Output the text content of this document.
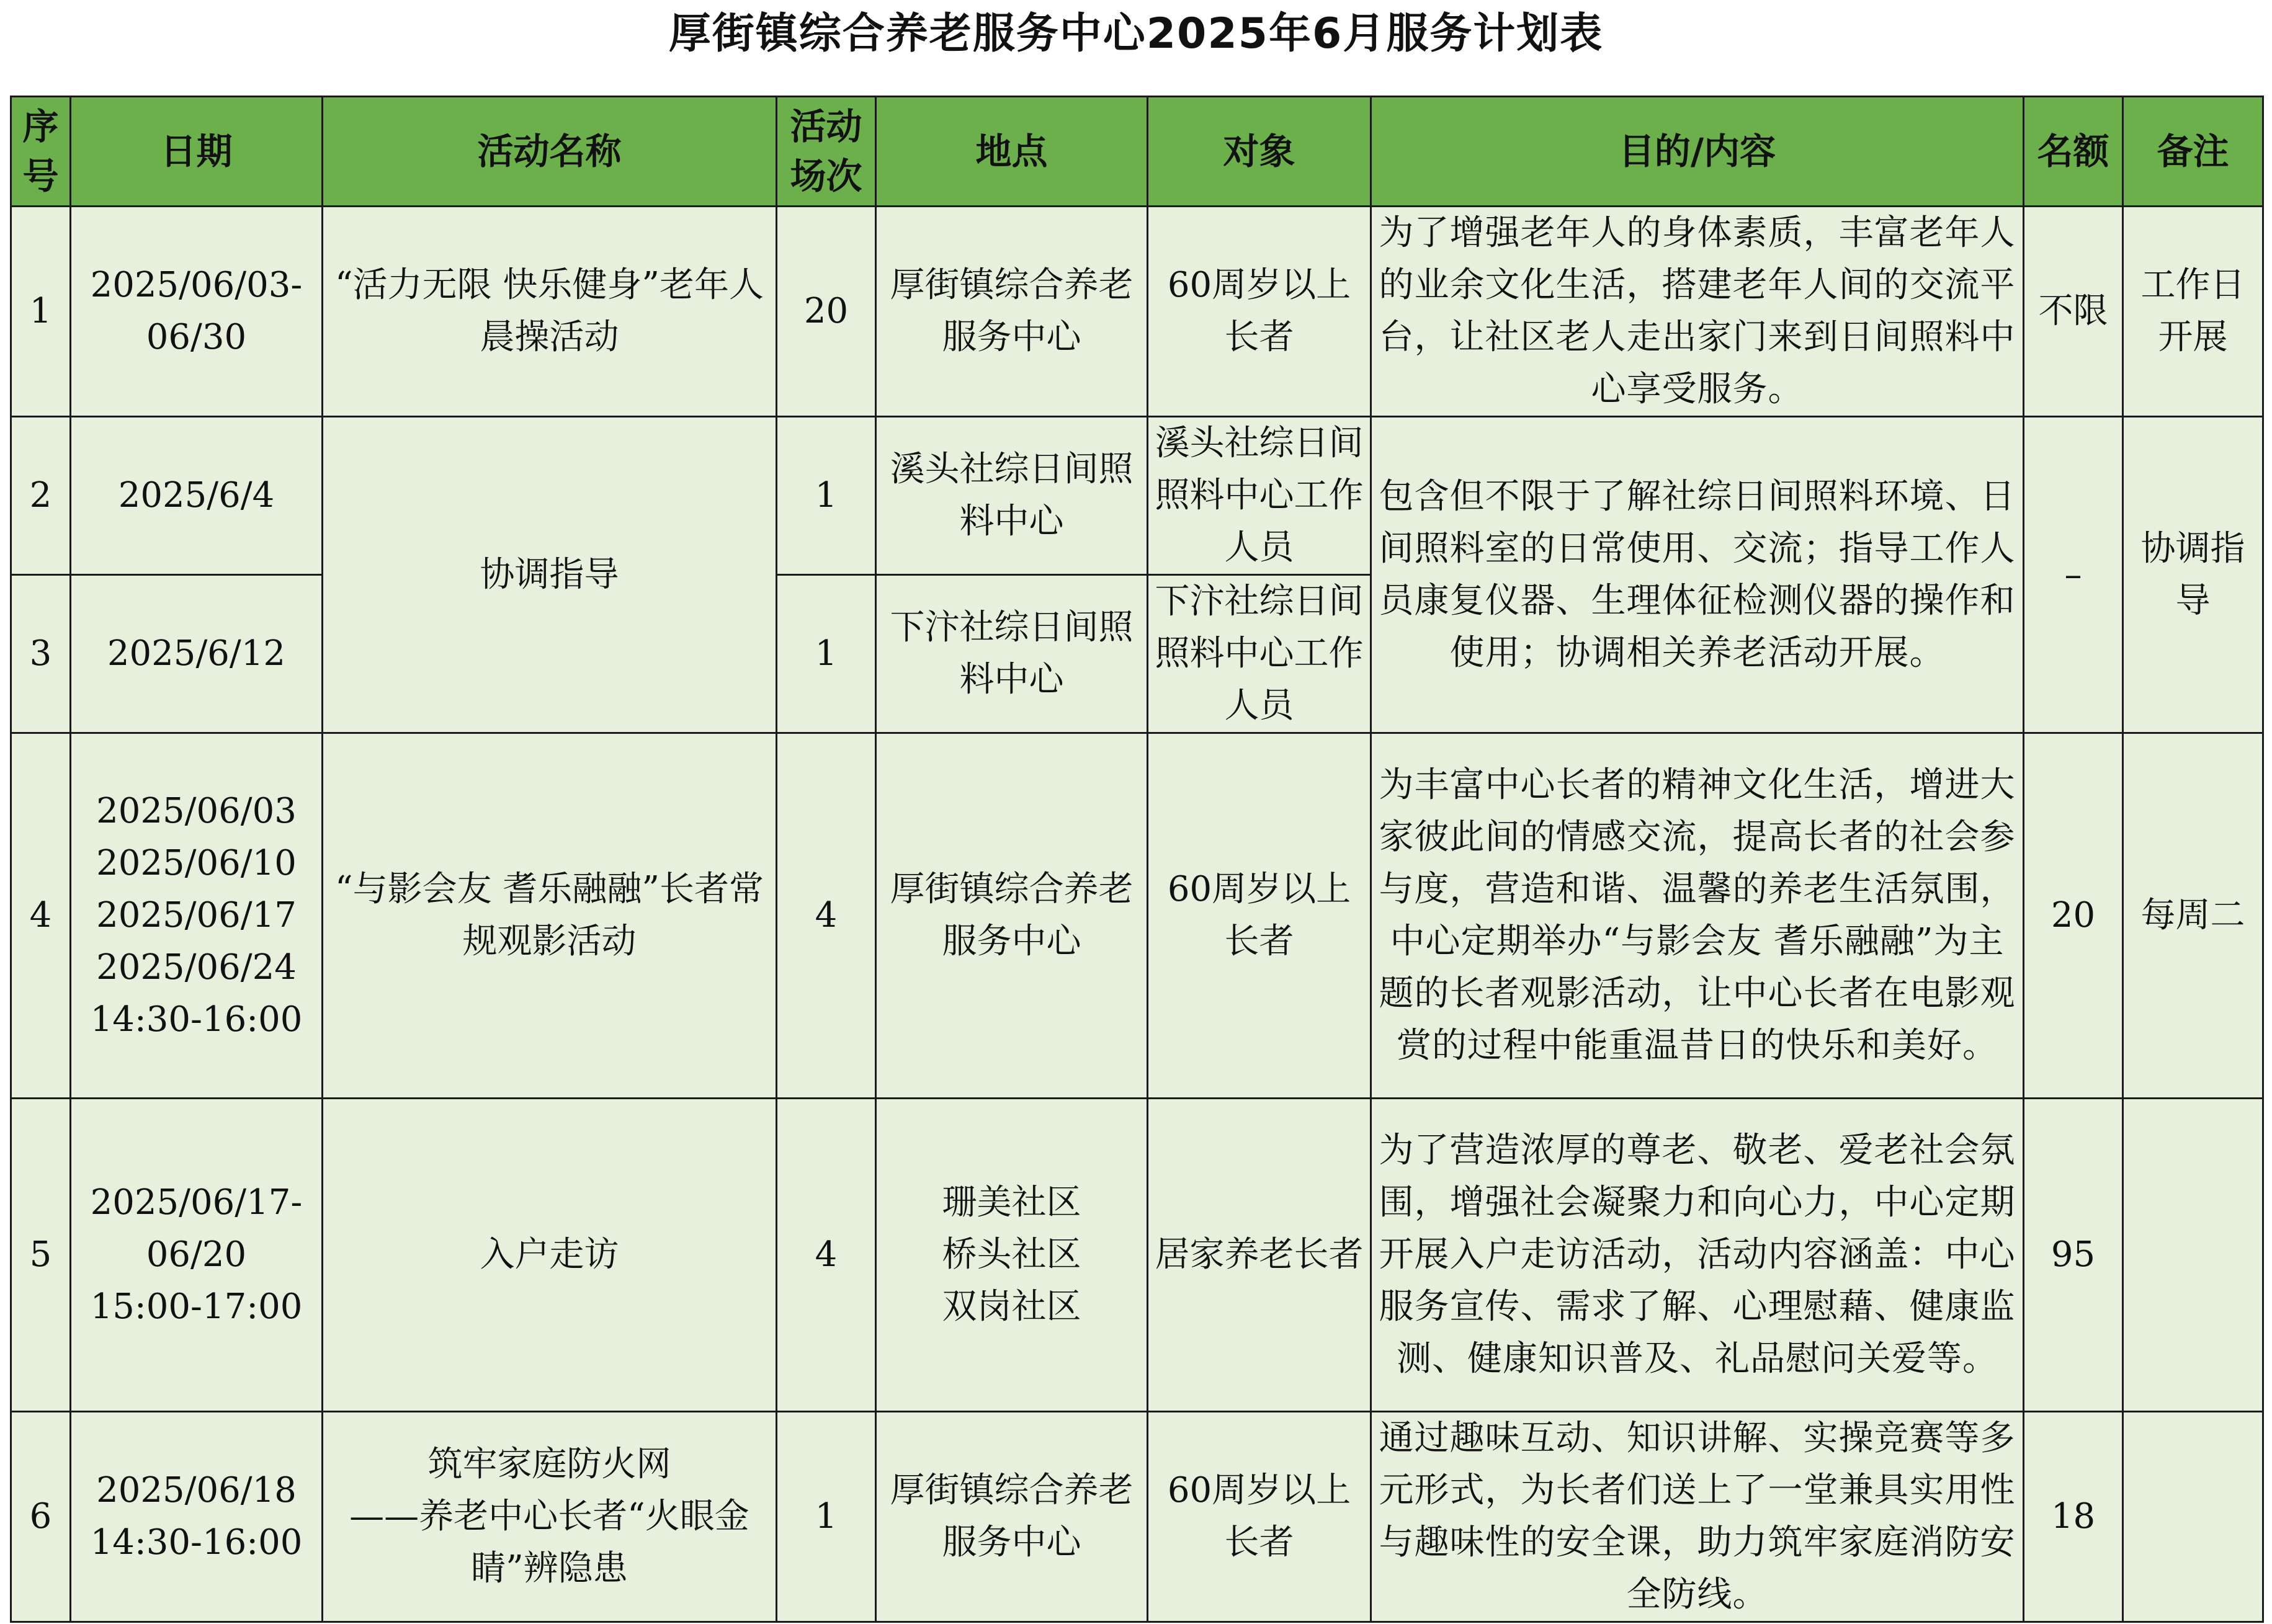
厚街镇综合养老服务中心2025年6月服务计划表
序号	日期	活动名称	活动场次	地点	对象	目的/内容	名额	备注
1	2025/06/03-06/30	“活力无限 快乐健身”老年人晨操活动	20	厚街镇综合养老服务中心	60周岁以上长者	为了增强老年人的身体素质，丰富老年人的业余文化生活，搭建老年人间的交流平台，让社区老人走出家门来到日间照料中心享受服务。	不限	工作日开展
2	2025/6/4	协调指导	1	溪头社综日间照料中心	溪头社综日间照料中心工作人员	包含但不限于了解社综日间照料环境、日间照料室的日常使用、交流；指导工作人员康复仪器、生理体征检测仪器的操作和使用；协调相关养老活动开展。	–	协调指导
3	2025/6/12		1	下汴社综日间照料中心	下汴社综日间照料中心工作人员			
4	2025/06/03
2025/06/10
2025/06/17
2025/06/24
14:30-16:00	“与影会友 耆乐融融”长者常规观影活动	4	厚街镇综合养老服务中心	60周岁以上长者	为丰富中心长者的精神文化生活，增进大家彼此间的情感交流，提高长者的社会参与度，营造和谐、温馨的养老生活氛围，中心定期举办“与影会友 耆乐融融”为主题的长者观影活动，让中心长者在电影观赏的过程中能重温昔日的快乐和美好。	20	每周二
5	2025/06/17-06/20
15:00-17:00	入户走访	4	珊美社区
桥头社区
双岗社区	居家养老长者	为了营造浓厚的尊老、敬老、爱老社会氛围，增强社会凝聚力和向心力，中心定期开展入户走访活动，活动内容涵盖：中心服务宣传、需求了解、心理慰藉、健康监测、健康知识普及、礼品慰问关爱等。	95	
6	2025/06/18
14:30-16:00	筑牢家庭防火网
——养老中心长者“火眼金睛”辨隐患	1	厚街镇综合养老服务中心	60周岁以上长者	通过趣味互动、知识讲解、实操竞赛等多元形式，为长者们送上了一堂兼具实用性与趣味性的安全课，助力筑牢家庭消防安全防线。	18	
